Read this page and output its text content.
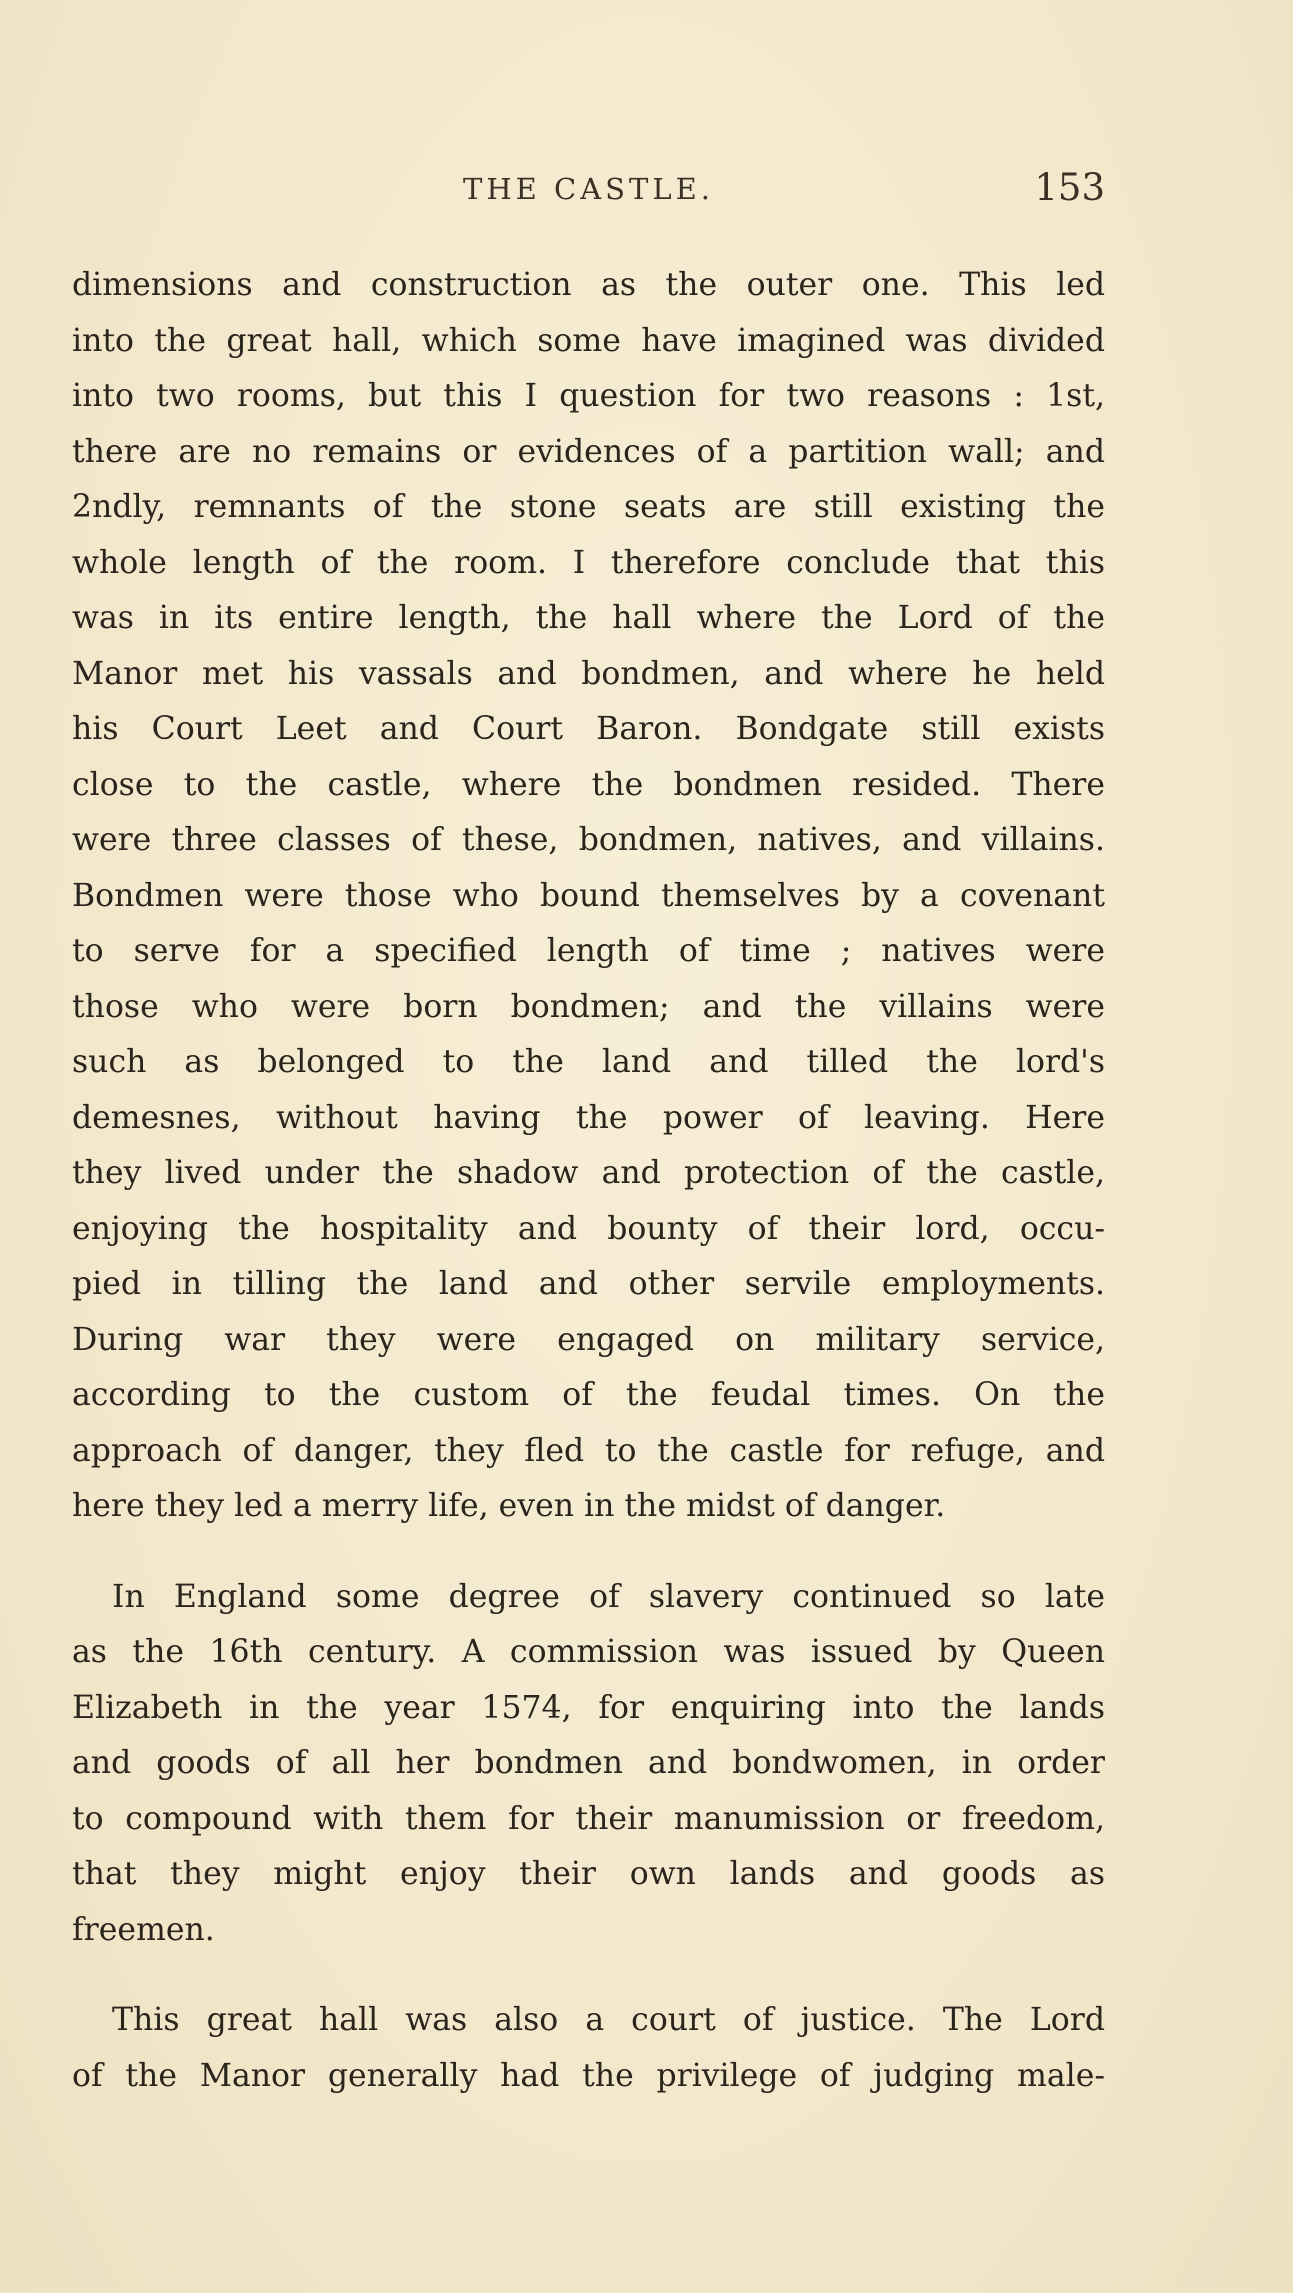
THE CASTLE.	153

dimensions and construction as the outer one. This led
into the great hall, which some have imagined was divided
into two rooms, but this I question for two reasons : 1st,
there are no remains or evidences of a partition wall; and
2ndly, remnants of the stone seats are still existing the
whole length of the room. I therefore conclude that this
was in its entire length, the hall where the Lord of the
Manor met his vassals and bondmen, and where he held
his Court Leet and Court Baron. Bondgate still exists
close to the castle, where the bondmen resided. There
were three classes of these, bondmen, natives, and villains.
Bondmen were those who bound themselves by a covenant
to serve for a specified length of time ; natives were
those who were born bondmen; and the villains were
such as belonged to the land and tilled the lord's
demesnes, without having the power of leaving. Here
they lived under the shadow and protection of the castle,
enjoying the hospitality and bounty of their lord, occu-
pied in tilling the land and other servile employments.
During war they were engaged on military service,
according to the custom of the feudal times. On the
approach of danger, they fled to the castle for refuge, and
here they led a merry life, even in the midst of danger.

In England some degree of slavery continued so late
as the 16th century. A commission was issued by Queen
Elizabeth in the year 1574, for enquiring into the lands
and goods of all her bondmen and bondwomen, in order
to compound with them for their manumission or freedom,
that they might enjoy their own lands and goods as
freemen.

This great hall was also a court of justice. The Lord
of the Manor generally had the privilege of judging male-
